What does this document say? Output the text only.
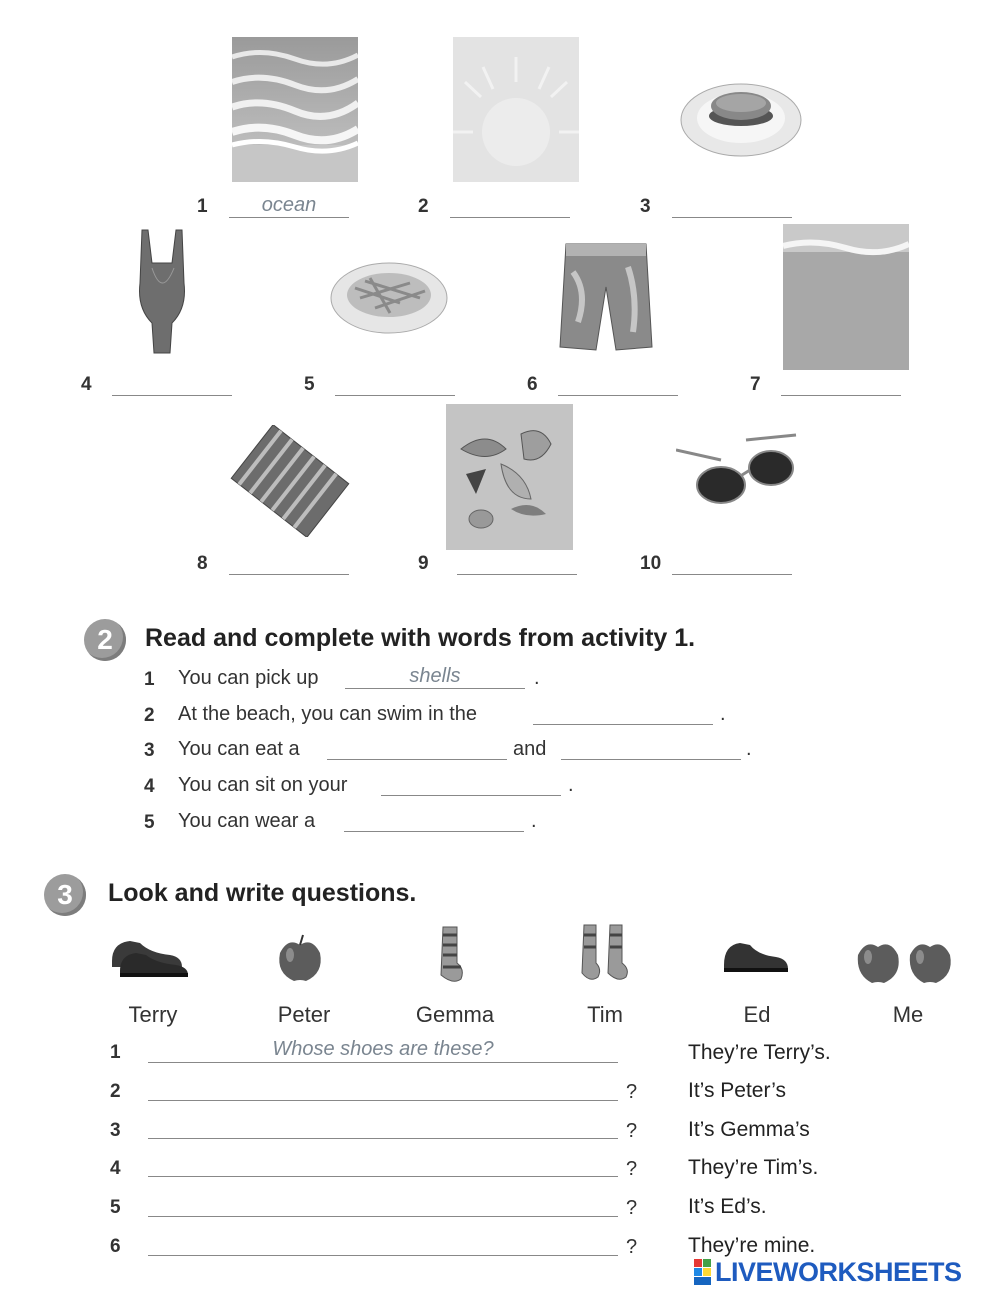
1
ocean	2	3
4	5	6	7
8	9	10
2	Read and complete with words from activity 1.
1 You can pick up
shells	.
2 At the beach, you can swim in the	.
3 You can eat a	and	.
4 You can sit on your	.
5 You can wear a	.
3	Look and write questions.
Terry	Peter	Gemma	Tim	Ed	Me
1
Whose shoes are these?	They’re Terry’s.
2	? It’s Peter’s
3	? It’s Gemma’s
4	? They’re Tim’s.
5	? It’s Ed’s.
6	? They’re mine.
LIVEWORKSHEETS
